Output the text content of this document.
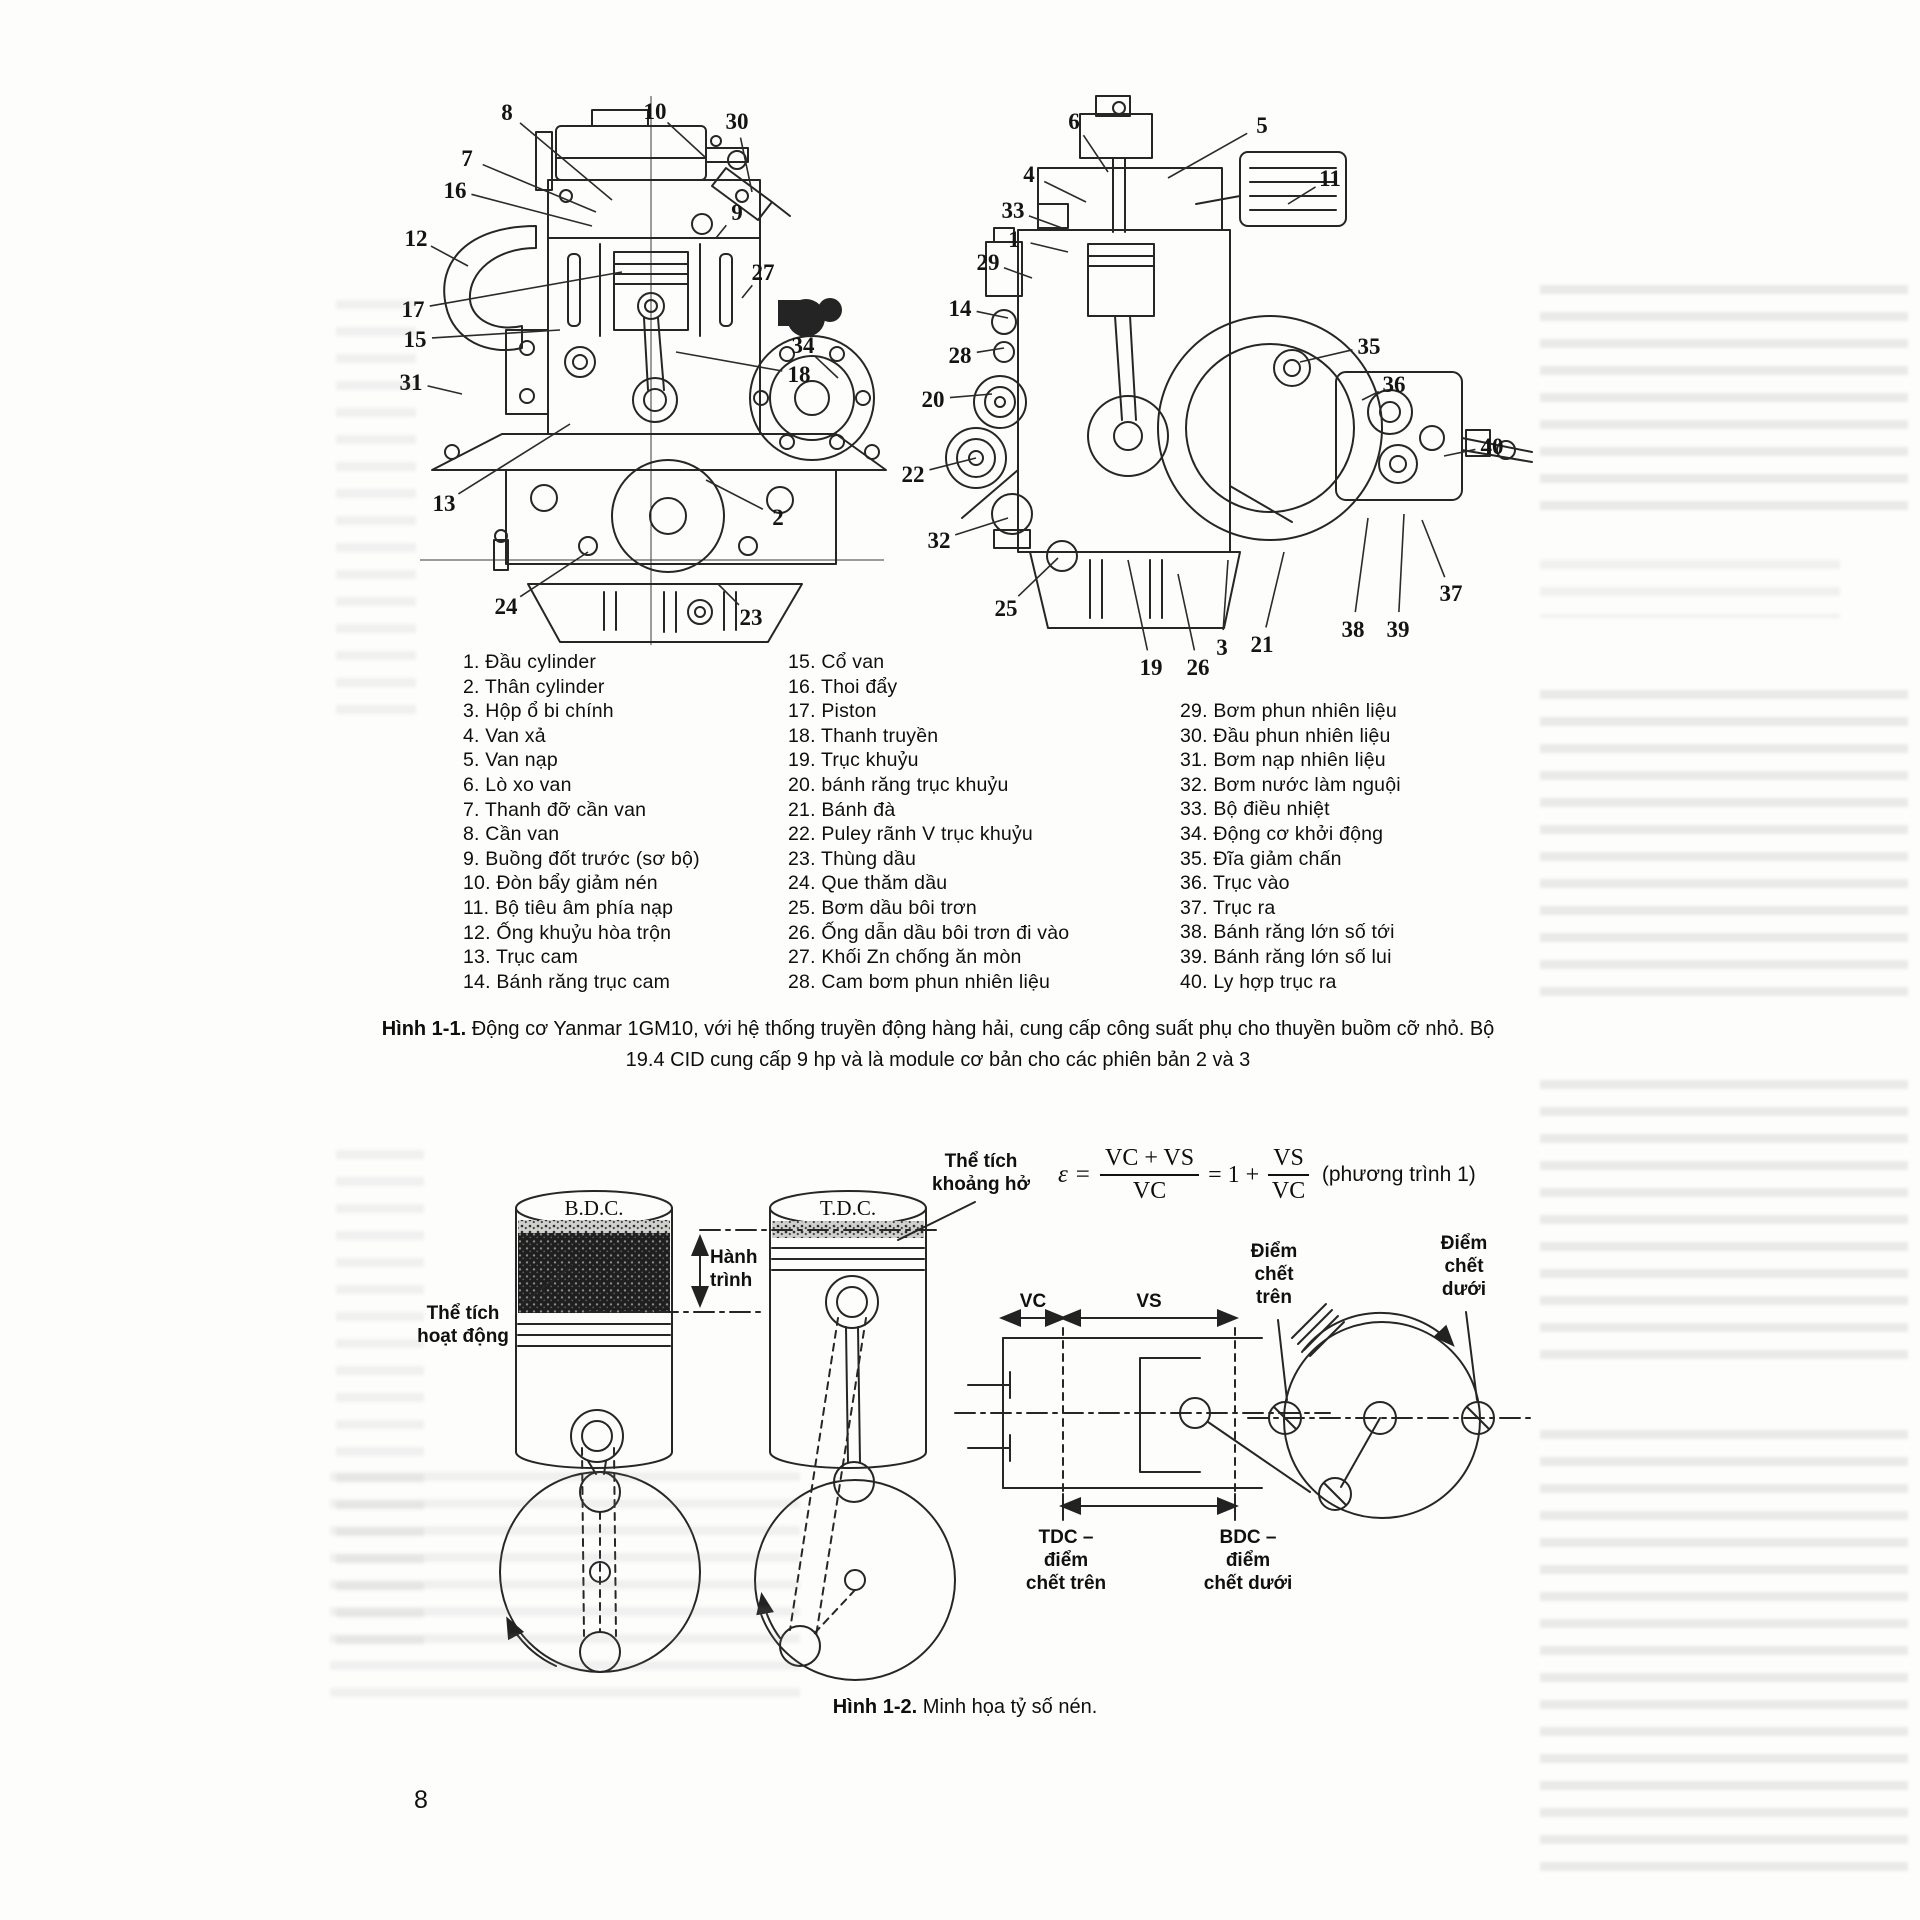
8	10	30
7
16
9
12
27
17
15	34
18
31
13
2
24	23
6	5
4	11
33
1
29
14
28	35
36
20
40
22
32
37
25
21
38 39
19 26
3
1. Đầu cylinder
2. Thân cylinder
3. Hộp ổ bi chính
4. Van xả
5. Van nạp
6. Lò xo van
7. Thanh đỡ cần van
8. Cần van
9. Buồng đốt trước (sơ bộ)
10. Đòn bẩy giảm nén
11. Bộ tiêu âm phía nạp
12. Ống khuỷu hòa trộn
13. Trục cam
14. Bánh răng trục cam
15. Cổ van
16. Thoi đẩy
17. Piston
18. Thanh truyền
19. Trục khuỷu
20. bánh răng trục khuỷu
21. Bánh đà
22. Puley rãnh V trục khuỷu
23. Thùng dầu
24. Que thăm dầu
25. Bơm dầu bôi trơn
26. Ống dẫn dầu bôi trơn đi vào
27. Khối Zn chống ăn mòn
28. Cam bơm phun nhiên liệu
29. Bơm phun nhiên liệu
30. Đầu phun nhiên liệu
31. Bơm nạp nhiên liệu
32. Bơm nước làm nguội
33. Bộ điều nhiệt
34. Động cơ khởi động
35. Đĩa giảm chấn
36. Trục vào
37. Trục ra
38. Bánh răng lớn số tới
39. Bánh răng lớn số lui
40. Ly hợp trục ra
Hình 1-1. Động cơ Yanmar 1GM10, với hệ thống truyền động hàng hải, cung cấp công suất phụ cho thuyền buồm cỡ nhỏ. Bộ 19.4 CID cung cấp 9 hp và là module cơ bản cho các phiên bản 2 và 3
B.D.C.	T.D.C.
Hành
trình
Thể tích
hoạt động
Thể tích
khoảng hở
VC	VS
TDC –
điểm
chết trên
BDC –
điểm
chết dưới
Điểm
chết
trên
Điểm
chết
dưới
$\varepsilon = \frac{VC + VS}{VC} = 1 + \frac{VS}{VC}$ (phương trình 1)
Hình 1-2. Minh họa tỷ số nén.
8
